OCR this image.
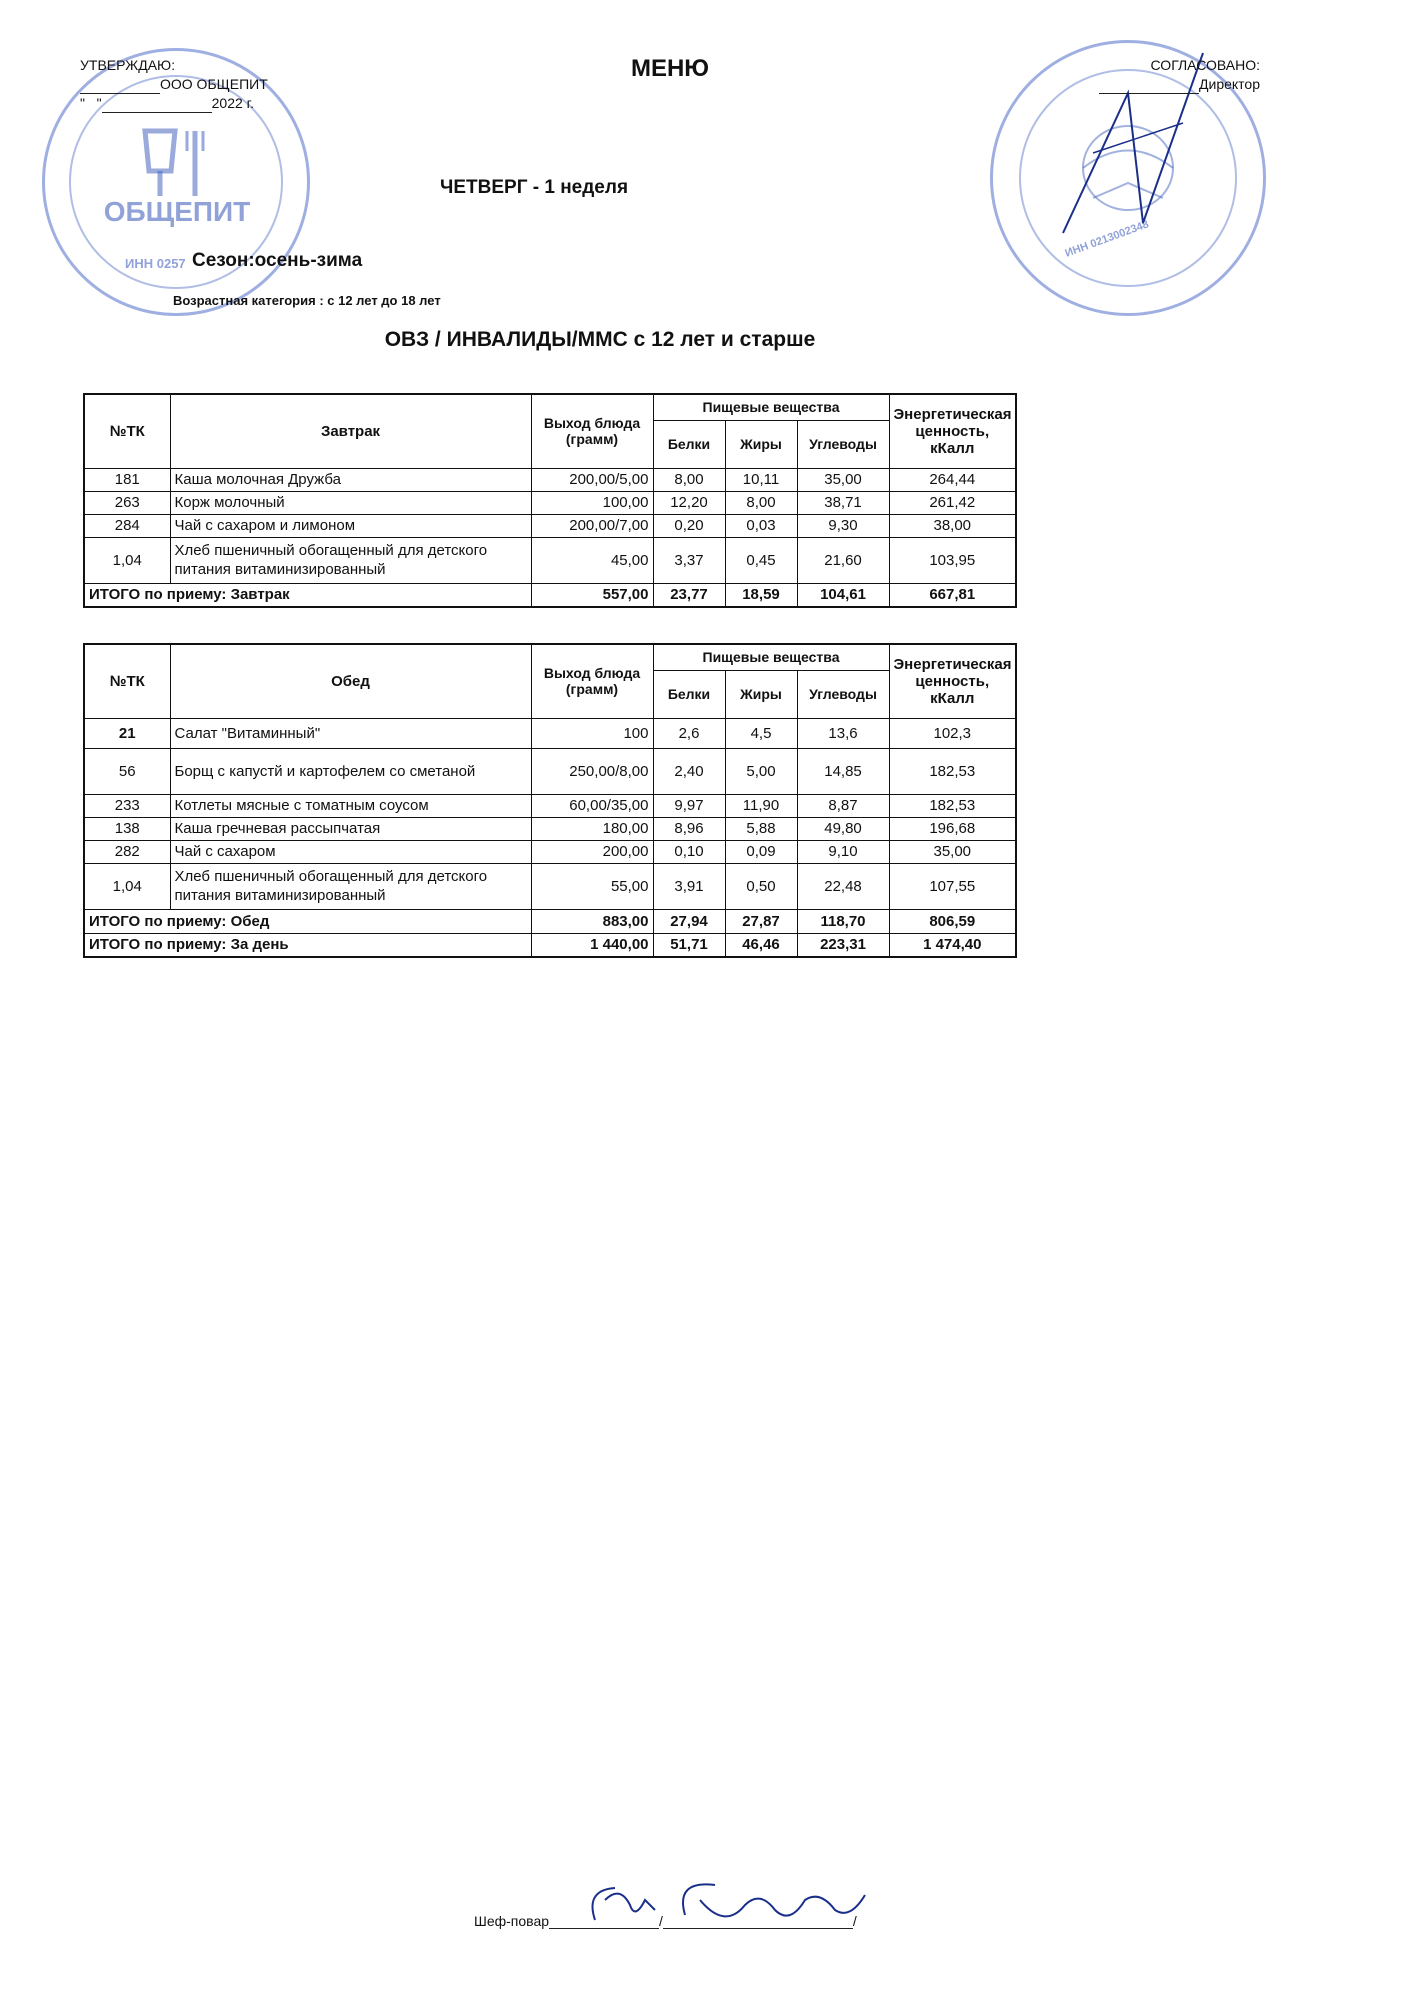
ОБЩЕПИТ
ИНН 0257
ИНН 0213002348
УТВЕРЖДАЮ:
ООО ОБЩЕПИТ
" "	2022 г.
МЕНЮ	СОГЛАСОВАНО:
Директор
ЧЕТВЕРГ - 1 неделя
Сезон:осень-зима
Возрастная категория : с 12 лет до 18 лет
ОВЗ / ИНВАЛИДЫ/ММС с 12 лет и старше
№ТК	Завтрак	Выход блюда (грамм)	Пищевые вещества			Энергетическая ценность, кКалл
			Белки	Жиры	Углеводы	
181	Каша молочная Дружба	200,00/5,00	8,00	10,11	35,00	264,44
263	Корж молочный	100,00	12,20	8,00	38,71	261,42
284	Чай с сахаром и лимоном	200,00/7,00	0,20	0,03	9,30	38,00
1,04	Хлеб пшеничный обогащенный для детского питания витаминизированный	45,00	3,37	0,45	21,60	103,95
ИТОГО по приему: Завтрак		557,00	23,77	18,59	104,61	667,81
№ТК	Обед	Выход блюда (грамм)	Пищевые вещества			Энергетическая ценность, кКалл
			Белки	Жиры	Углеводы	
21	Салат "Витаминный"	100	2,6	4,5	13,6	102,3
56	Борщ с капустй и картофелем со сметаной	250,00/8,00	2,40	5,00	14,85	182,53
233	Котлеты мясные с томатным соусом	60,00/35,00	9,97	11,90	8,87	182,53
138	Каша гречневая рассыпчатая	180,00	8,96	5,88	49,80	196,68
282	Чай с сахаром	200,00	0,10	0,09	9,10	35,00
1,04	Хлеб пшеничный обогащенный для детского питания витаминизированный	55,00	3,91	0,50	22,48	107,55
ИТОГО по приему: Обед		883,00	27,94	27,87	118,70	806,59
ИТОГО по приему: За день		1 440,00	51,71	46,46	223,31	1 474,40
Шеф-повар	/	/
